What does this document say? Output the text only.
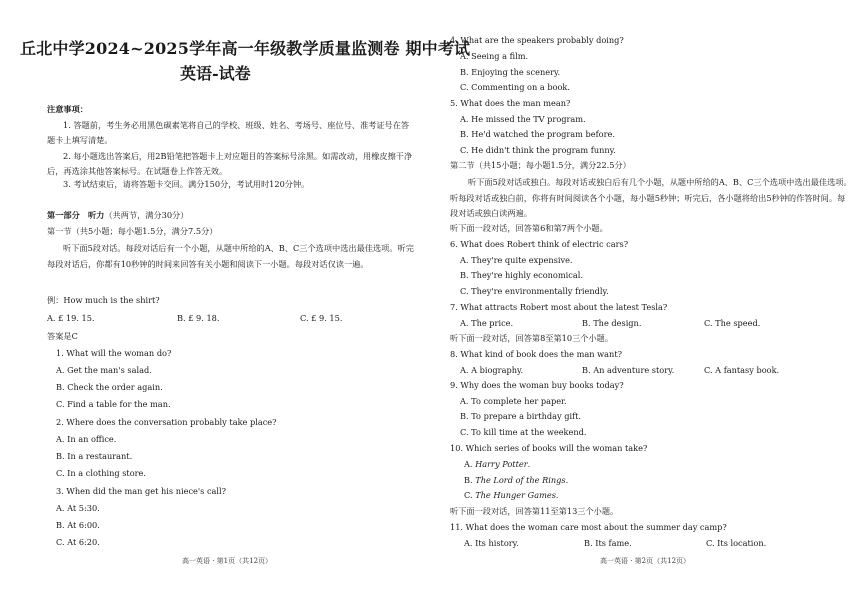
丘北中学2024~2025学年高一年级教学质量监测卷 期中考试
英语-试卷
注意事项：
1. 答题前，考生务必用黑色碳素笔将自己的学校、班级、姓名、考场号、座位号、准考证号在答题卡上填写清楚。
2. 每小题选出答案后，用2B铅笔把答题卡上对应题目的答案标号涂黑。如需改动，用橡皮擦干净后，再选涂其他答案标号。在试题卷上作答无效。
3. 考试结束后，请将答题卡交回。满分150分，考试用时120分钟。
第一部分　听力（共两节，满分30分）
第一节（共5小题；每小题1.5分，满分7.5分）
听下面5段对话。每段对话后有一个小题，从题中所给的A、B、C三个选项中选出最佳选项。听完每段对话后，你都有10秒钟的时间来回答有关小题和阅读下一小题。每段对话仅读一遍。
例：How much is the shirt?
A. £ 19. 15.	B. £ 9. 18.	C. £ 9. 15.
答案是C
1. What will the woman do?
A. Get the man's salad.
B. Check the order again.
C. Find a table for the man.
2. Where does the conversation probably take place?
A. In an office.
B. In a restaurant.
C. In a clothing store.
3. When did the man get his niece's call?
A. At 5:30.
B. At 6:00.
C. At 6:20.
高一英语 · 第1页（共12页）
4. What are the speakers probably doing?
A. Seeing a film.
B. Enjoying the scenery.
C. Commenting on a book.
5. What does the man mean?
A. He missed the TV program.
B. He'd watched the program before.
C. He didn't think the program funny.
第二节（共15小题；每小题1.5分，满分22.5分）
听下面5段对话或独白。每段对话或独白后有几个小题，从题中所给的A、B、C三个选项中选出最佳选项。听每段对话或独白前，你将有时间阅读各个小题，每小题5秒钟；听完后，各小题将给出5秒钟的作答时间。每段对话或独白读两遍。
听下面一段对话，回答第6和第7两个小题。
6. What does Robert think of electric cars?
A. They're quite expensive.
B. They're highly economical.
C. They're environmentally friendly.
7. What attracts Robert most about the latest Tesla?
A. The price.	B. The design.	C. The speed.
听下面一段对话，回答第8至第10三个小题。
8. What kind of book does the man want?
A. A biography.	B. An adventure story.	C. A fantasy book.
9. Why does the woman buy books today?
A. To complete her paper.
B. To prepare a birthday gift.
C. To kill time at the weekend.
10. Which series of books will the woman take?
A. Harry Potter.
B. The Lord of the Rings.
C. The Hunger Games.
听下面一段对话，回答第11至第13三个小题。
11. What does the woman care most about the summer day camp?
A. Its history.	B. Its fame.	C. Its location.
高一英语 · 第2页（共12页）
